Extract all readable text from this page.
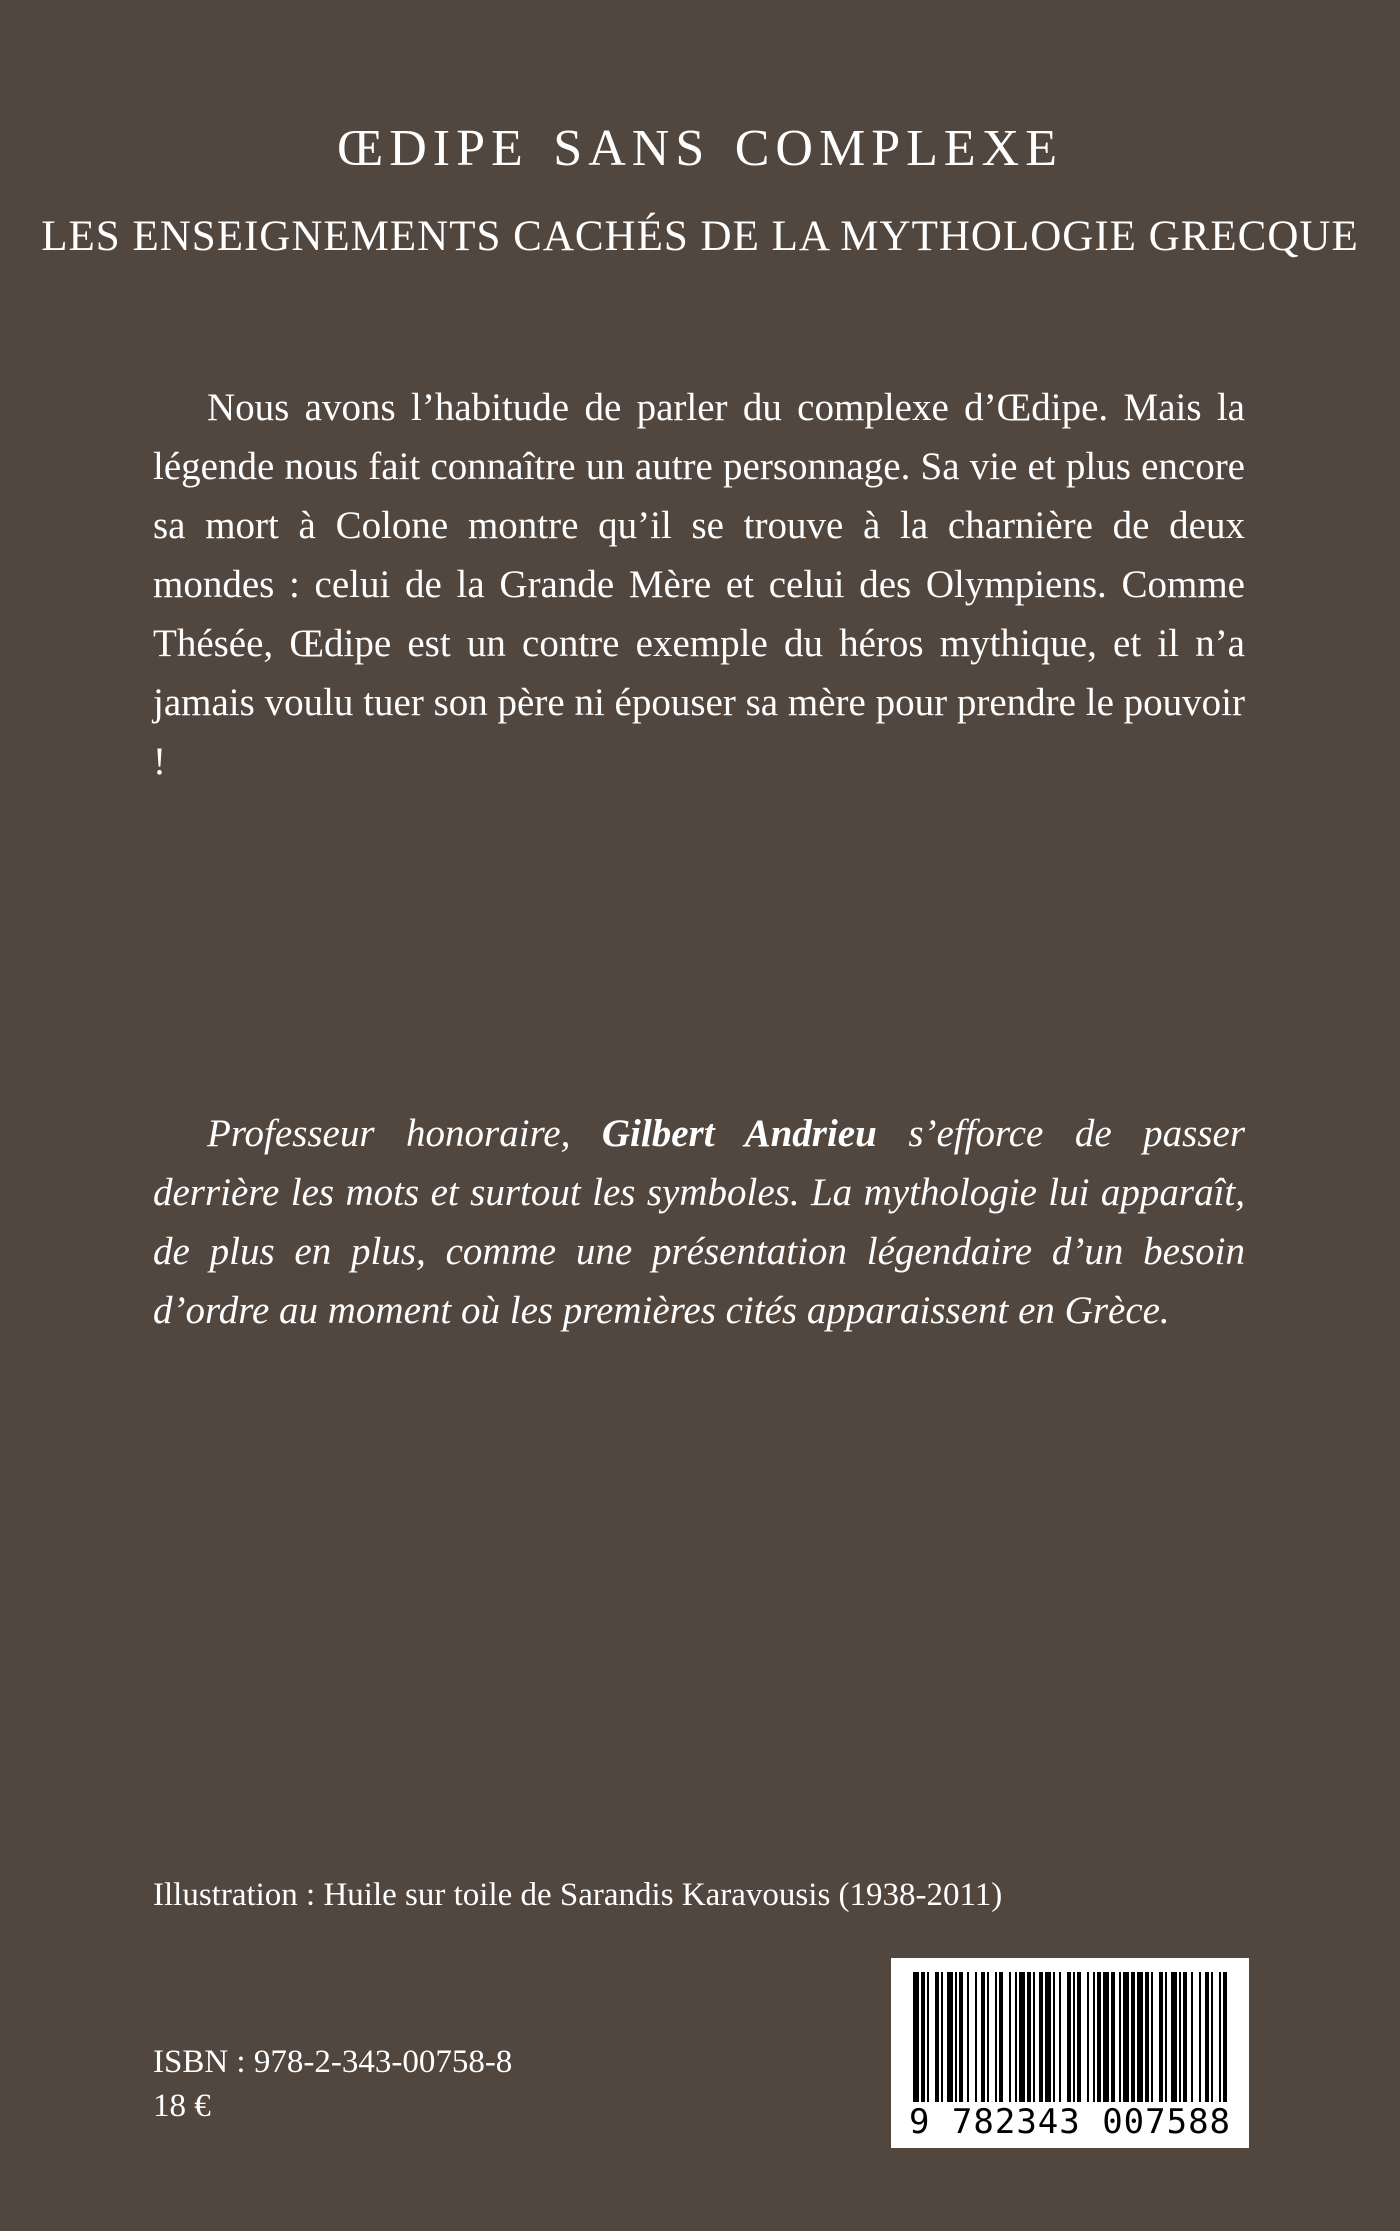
œdipe sans complexe
LES ENSEIGNEMENTS CACHÉS DE LA MYTHOLOGIE GRECQUE

Nous avons l’habitude de parler du complexe d’Œdipe. Mais la légende nous fait connaître un autre personnage. Sa vie et plus encore sa mort à Colone montre qu’il se trouve à la charnière de deux mondes : celui de la Grande Mère et celui des Olympiens. Comme Thésée, Œdipe est un contre exemple du héros mythique, et il n’a jamais voulu tuer son père ni épouser sa mère pour prendre le pouvoir !

Professeur honoraire, Gilbert Andrieu s’efforce de passer derrière les mots et surtout les symboles. La mythologie lui apparaît, de plus en plus, comme une présentation légendaire d’un besoin d’ordre au moment où les premières cités apparaissent en Grèce.

Illustration : Huile sur toile de Sarandis Karavousis (1938-2011)

ISBN : 978-2-343-00758-8

18 €	9 782343 007588
